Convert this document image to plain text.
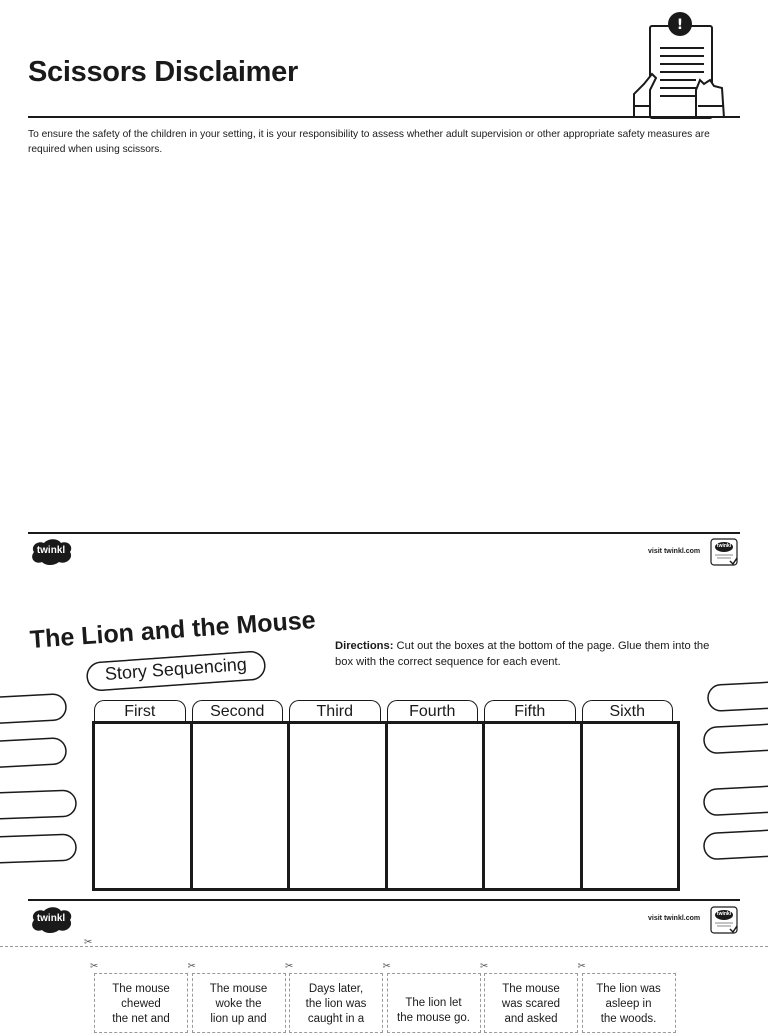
Scissors Disclaimer
!

To ensure the safety of the children in your setting, it is your responsibility to assess whether adult supervision or other appropriate safety measures are required when using scissors.

twinkl	visit twinkl.com
twinkl
The Lion and the Mouse
Story Sequencing

Directions: Cut out the boxes at the bottom of the page. Glue them into the box with the correct sequence for each event.

First	Second	Third	Fourth	Fifth	Sixth
twinkl	visit twinkl.com
twinkl
✂
The mouse
chewed
the net and
✂
The mouse
woke the
lion up and
✂
Days later,
the lion was
caught in a
✂
The lion let
the mouse go.
✂
The mouse
was scared
and asked
✂
The lion was
asleep in
the woods.
✂
